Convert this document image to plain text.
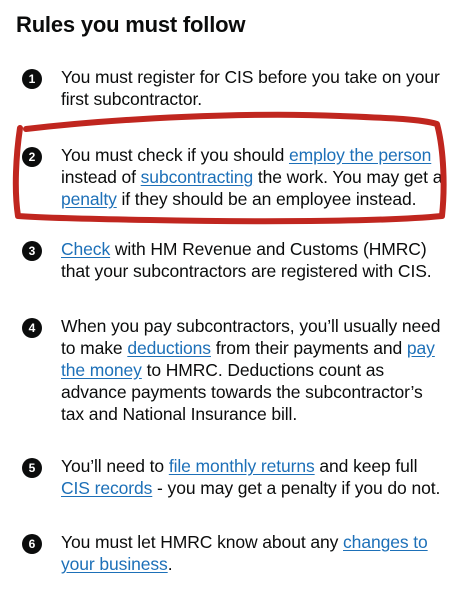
Rules you must follow
1	You must register for CIS before you take on your first subcontractor.

2	You must check if you should employ the person instead of subcontracting the work. You may get a penalty if they should be an employee instead.

3	Check with HM Revenue and Customs (HMRC) that your subcontractors are registered with CIS.

4	When you pay subcontractors, you’ll usually need to make deductions from their payments and pay the money to HMRC. Deductions count as advance payments towards the subcontractor’s tax and National Insurance bill.

5	You’ll need to file monthly returns and keep full CIS records - you may get a penalty if you do not.

6	You must let HMRC know about any changes to your business.
